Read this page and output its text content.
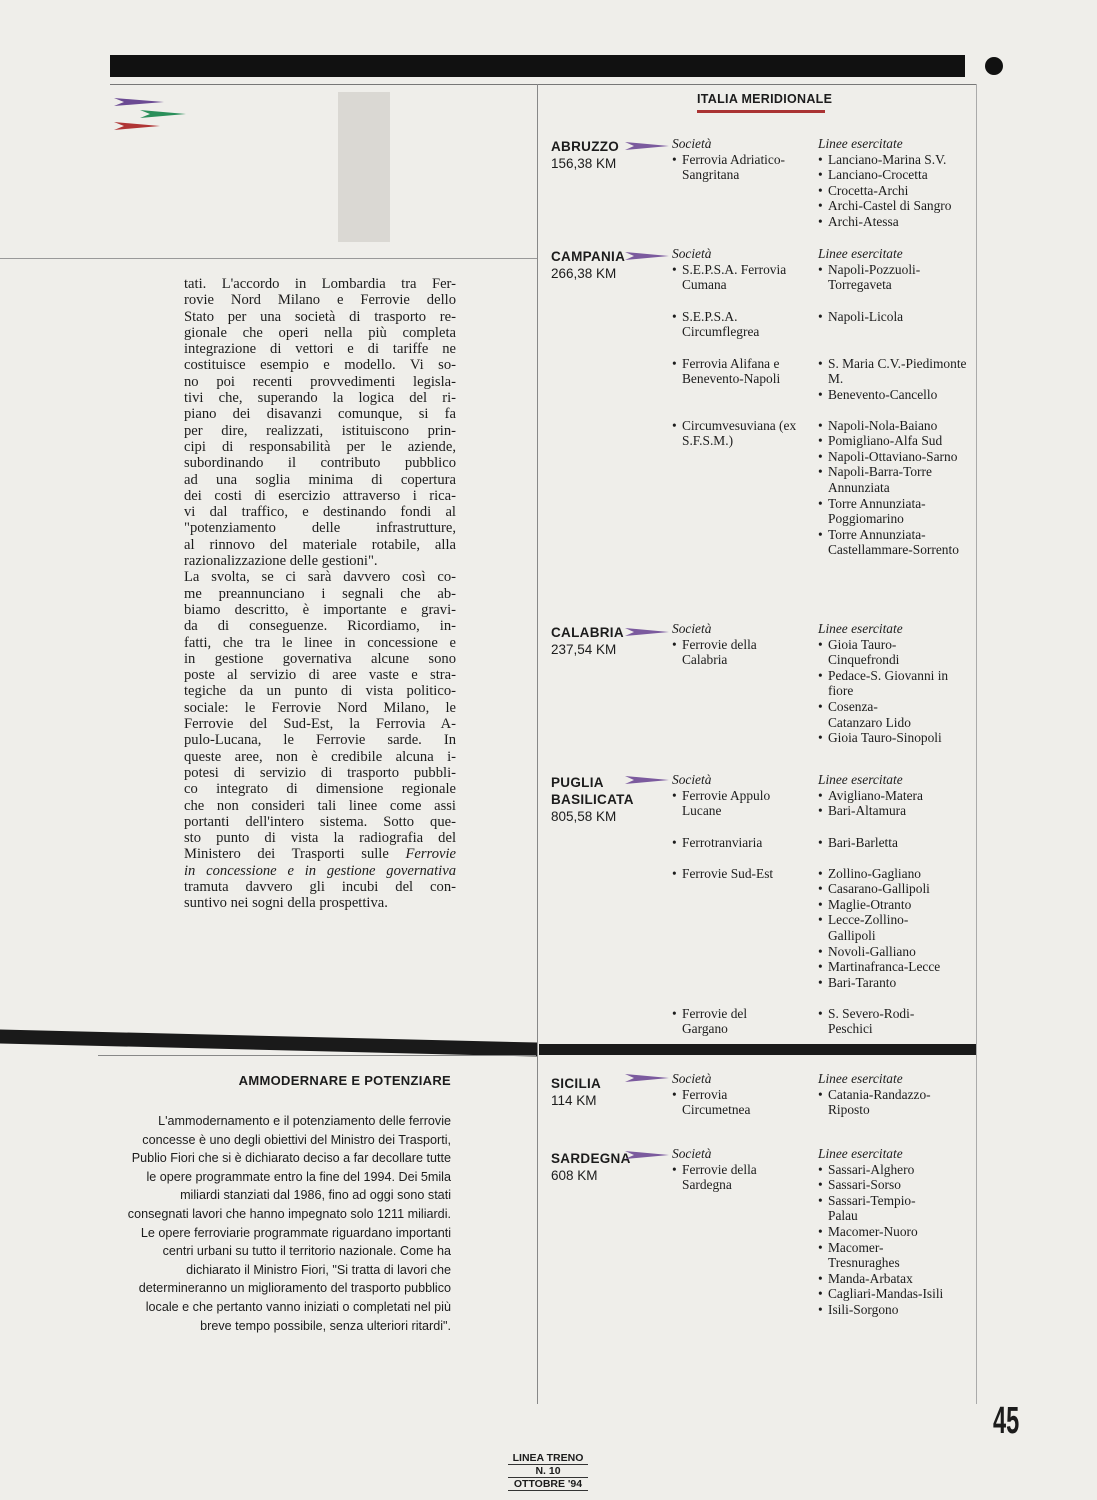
tati. L'accordo in Lombardia tra Fer-
rovie Nord Milano e Ferrovie dello
Stato per una società di trasporto re-
gionale che operi nella più completa
integrazione di vettori e di tariffe ne
costituisce esempio e modello. Vi so-
no poi recenti provvedimenti legisla-
tivi che, superando la logica del ri-
piano dei disavanzi comunque, si fa
per dire, realizzati, istituiscono prin-
cipi di responsabilità per le aziende,
subordinando il contributo pubblico
ad una soglia minima di copertura
dei costi di esercizio attraverso i rica-
vi dal traffico, e destinando fondi al
"potenziamento delle infrastrutture,
al rinnovo del materiale rotabile, alla
razionalizzazione delle gestioni".
La svolta, se ci sarà davvero così co-
me preannunciano i segnali che ab-
biamo descritto, è importante e gravi-
da di conseguenze. Ricordiamo, in-
fatti, che tra le linee in concessione e
in gestione governativa alcune sono
poste al servizio di aree vaste e stra-
tegiche da un punto di vista politico-
sociale: le Ferrovie Nord Milano, le
Ferrovie del Sud-Est, la Ferrovia A-
pulo-Lucana, le Ferrovie sarde. In
queste aree, non è credibile alcuna i-
potesi di servizio di trasporto pubbli-
co integrato di dimensione regionale
che non consideri tali linee come assi
portanti dell'intero sistema. Sotto que-
sto punto di vista la radiografia del
Ministero dei Trasporti sulle Ferrovie
in concessione e in gestione governativa
tramuta davvero gli incubi del con-
suntivo nei sogni della prospettiva.
AMMODERNARE E POTENZIARE
L'ammodernamento e il potenziamento delle ferrovie concesse è uno degli obiettivi del Ministro dei Trasporti, Publio Fiori che si è dichiarato deciso a far decollare tutte le opere programmate entro la fine del 1994. Dei 5mila miliardi stanziati dal 1986, fino ad oggi sono stati consegnati lavori che hanno impegnato solo 1211 miliardi. Le opere ferroviarie programmate riguardano importanti centri urbani su tutto il territorio nazionale. Come ha dichiarato il Ministro Fiori, "Si tratta di lavori che determineranno un miglioramento del trasporto pubblico locale e che pertanto vanno iniziati o completati nel più breve tempo possibile, senza ulteriori ritardi".
ITALIA MERIDIONALE
ABRUZZO
156,38 KM
Società
• Ferrovia Adriatico-Sangritana
Linee esercitate
• Lanciano-Marina S.V.
• Lanciano-Crocetta
• Crocetta-Archi
• Archi-Castel di Sangro
• Archi-Atessa
CAMPANIA
266,38 KM
Società
• S.E.P.S.A. Ferrovia Cumana
• S.E.P.S.A. Circumflegrea
• Ferrovia Alifana e Benevento-Napoli
• Circumvesuviana (ex S.F.S.M.)
Linee esercitate
• Napoli-Pozzuoli-Torregaveta
• Napoli-Licola
• S. Maria C.V.-Piedimonte M.
• Benevento-Cancello
• Napoli-Nola-Baiano
• Pomigliano-Alfa Sud
• Napoli-Ottaviano-Sarno
• Napoli-Barra-Torre Annunziata
• Torre Annunziata-Poggiomarino
• Torre Annunziata-Castellammare-Sorrento
CALABRIA
237,54 KM
Società
• Ferrovie della Calabria
Linee esercitate
• Gioia Tauro-Cinquefrondi
• Pedace-S. Giovanni in fiore
• Cosenza-Catanzaro Lido
• Gioia Tauro-Sinopoli
PUGLIA
BASILICATA
805,58 KM
Società
• Ferrovie Appulo Lucane
• Ferrotranviaria
• Ferrovie Sud-Est
• Ferrovie del Gargano
Linee esercitate
• Avigliano-Matera
• Bari-Altamura
• Bari-Barletta
• Zollino-Gagliano
• Casarano-Gallipoli
• Maglie-Otranto
• Lecce-Zollino-Gallipoli
• Novoli-Galliano
• Martinafranca-Lecce
• Bari-Taranto
• S. Severo-Rodi-Peschici
SICILIA
114 KM
Società
• Ferrovia Circumetnea
Linee esercitate
• Catania-Randazzo-Riposto
SARDEGNA
608 KM
Società
• Ferrovie della Sardegna
Linee esercitate
• Sassari-Alghero
• Sassari-Sorso
• Sassari-Tempio-Palau
• Macomer-Nuoro
• Macomer-Tresnuraghes
• Manda-Arbatax
• Cagliari-Mandas-Isili
• Isili-Sorgono
45
LINEA TRENO
N. 10
OTTOBRE '94
